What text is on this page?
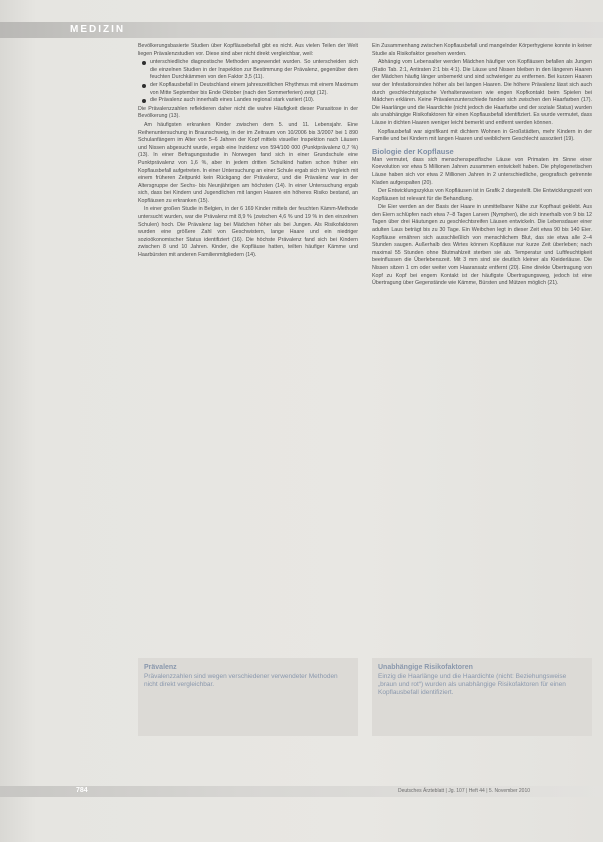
MEDIZIN

Bevölkerungsbasierte Studien über Kopfläusebefall gibt es nicht. Aus vielen Teilen der Welt liegen Prävalenzstudien vor. Diese sind aber nicht direkt vergleichbar, weil:

unterschiedliche diagnostische Methoden angewendet wurden. So unterscheiden sich die einzelnen Studien in der Inspektion zur Bestimmung der Prävalenz, gegenüber dem feuchten Durchkämmen von den Faktor 3,5 (11).
der Kopflausbefall in Deutschland einem jahreszeitlichen Rhythmus mit einem Maximum von Mitte September bis Ende Oktober (nach den Sommerferien) zeigt (12).
die Prävalenz auch innerhalb eines Landes regional stark variiert (10).

Die Prävalenzzahlen reflektieren daher nicht die wahre Häufigkeit dieser Parasitose in der Bevölkerung (13).

Am häufigsten erkranken Kinder zwischen dem 5. und 11. Lebensjahr. Eine Reihenuntersuchung in Braunschweig, in der im Zeitraum von 10/2006 bis 3/2007 bei 1 890 Schulanfängern im Alter von 5–6 Jahren der Kopf mittels visueller Inspektion nach Läusen und Nissen abgesucht wurde, ergab eine Inzidenz von 594/100 000 (Punktprävalenz 0,7 %) (13). In einer Befragungsstudie in Norwegen fand sich in einer Grundschule eine Punktprävalenz von 1,6 %, aber in jedem dritten Schulkind hatten schon früher ein Kopflausbefall aufgetreten. In einer Untersuchung an einer Schule ergab sich im Vergleich mit einem früheren Zeitpunkt kein Rückgang der Prävalenz, und die Prävalenz war in der Altersgruppe der Sechs- bis Neunjährigen am höchsten (14). In einer Untersuchung ergab sich, dass bei Kindern und Jugendlichen mit langen Haaren ein höheres Risiko bestand, an Kopfläusen zu erkranken (15).

In einer großen Studie in Belgien, in der 6 169 Kinder mittels der feuchten Kämm-Methode untersucht wurden, war die Prävalenz mit 8,9 % (zwischen 4,6 % und 19 % in den einzelnen Schulen) hoch. Die Prävalenz lag bei Mädchen höher als bei Jungen. Als Risikofaktoren wurden eine größere Zahl von Geschwistern, lange Haare und ein niedriger sozioökonomischer Status identifiziert (16). Die höchste Prävalenz fand sich bei Kindern zwischen 8 und 10 Jahren. Kinder, die Kopfläuse hatten, teilten häufiger Kämme und Haarbürsten mit anderen Familienmitgliedern (14).

Ein Zusammenhang zwischen Kopflausbefall und mangelnder Körperhygiene konnte in keiner Studie als Risikofaktor gesehen werden.

Abhängig vom Lebensalter werden Mädchen häufiger von Kopfläusen befallen als Jungen (Ratio Tab. 2:1, Antiraten 2:1 bis 4:1). Die Läuse und Nissen bleiben in den längeren Haaren der Mädchen häufig länger unbemerkt und sind schwieriger zu entfernen. Bei kurzen Haaren war der Infestationsindex höher als bei langen Haaren. Die höhere Prävalenz lässt sich auch durch geschlechtstypische Verhaltensweisen wie engen Kopfkontakt beim Spielen bei Mädchen erklären. Keine Prävalenzunterschiede fanden sich zwischen den Haarfarben (17). Die Haarlänge und die Haardichte (nicht jedoch die Haarfarbe und der soziale Status) wurden als unabhängige Risikofaktoren für einen Kopflausbefall identifiziert. Es wurde vermutet, dass Läuse in dichten Haaren weniger leicht bemerkt und entfernt werden können.

Kopflausbefall war signifikant mit dichtem Wohnen in Großstädten, mehr Kindern in der Familie und bei Kindern mit langen Haaren und weiblichem Geschlecht assoziiert (19).

Biologie der Kopflause

Man vermutet, dass sich menschenspezifische Läuse von Primaten im Sinne einer Koevolution vor etwa 5 Millionen Jahren zusammen entwickelt haben. Die phylogenetischen Läuse haben sich vor etwa 2 Millionen Jahren in 2 unterschiedliche, geografisch getrennte Kladen aufgespalten (20).

Der Entwicklungszyklus von Kopfläusen ist in Grafik 2 dargestellt. Die Entwicklungszeit von Kopfläusen ist relevant für die Behandlung.

Die Eier werden an der Basis der Haare in unmittelbarer Nähe zur Kopfhaut geklebt. Aus den Eiern schlüpfen nach etwa 7–8 Tagen Larven (Nymphen), die sich innerhalb von 9 bis 12 Tagen über drei Häutungen zu geschlechtsreifen Läusen entwickeln. Die Lebensdauer einer adulten Laus beträgt bis zu 30 Tage. Ein Weibchen legt in dieser Zeit etwa 90 bis 140 Eier. Kopfläuse ernähren sich ausschließlich von menschlichem Blut, das sie etwa alle 2–4 Stunden saugen. Außerhalb des Wirtes können Kopfläuse nur kurze Zeit überleben; nach maximal 55 Stunden ohne Blutmahlzeit sterben sie ab. Temperatur und Luftfeuchtigkeit beeinflussen die Überlebenszeit. Mit 3 mm sind sie deutlich kleiner als Kleiderläuse. Die Nissen sitzen 1 cm oder weiter vom Haaransatz entfernt (20). Eine direkte Übertragung von Kopf zu Kopf bei engem Kontakt ist der häufigste Übertragungsweg, jedoch ist eine Übertragung über Gegenstände wie Kämme, Bürsten und Mützen möglich (21).

Prävalenz
Prävalenzzahlen sind wegen verschiedener verwendeter Methoden nicht direkt vergleichbar.
Unabhängige Risikofaktoren
Einzig die Haarlänge und die Haardichte (nicht: Beziehungsweise „braun und rot“) wurden als unabhängige Risikofaktoren für einen Kopflausbefall identifiziert.
784	Deutsches Ärzteblatt | Jg. 107 | Heft 44 | 5. November 2010
